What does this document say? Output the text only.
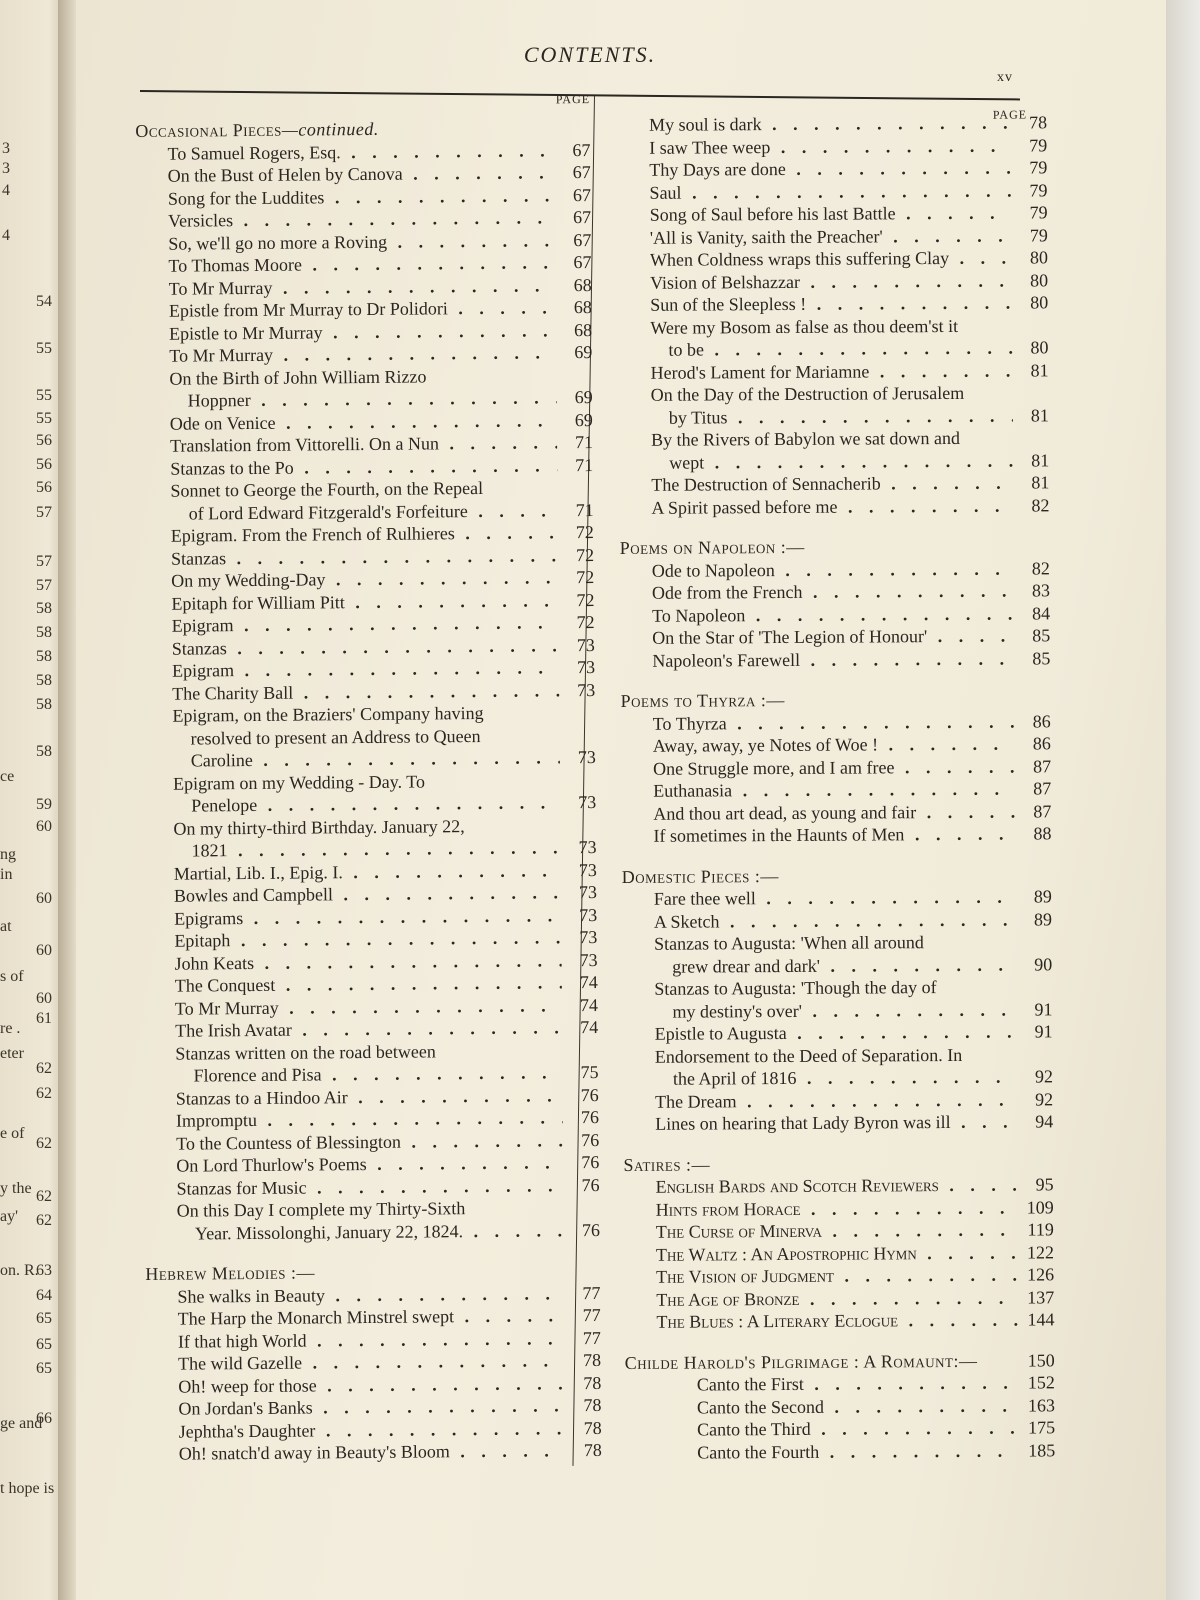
3
3
4
4
54
55
55
55
56
56
56
57
57
57
58
58
58
58
58
58
ce
59
60
ng
in
60
at
60
s of
60
re .
61
eter
62
62
e of
62
y the 62
ay' 62
on. R.
63
64
65
65
65
ge and
66
t hope is
CONTENTS.
xv
PAGE
Occasional Pieces—continued.
To Samuel Rogers, Esq. . .	67
On the Bust of Helen by Canova . .	67
Song for the Luddites . .	67
Versicles . .	67
So, we'll go no more a Roving . .	67
To Thomas Moore . .	67
To Mr Murray . .	68
Epistle from Mr Murray to Dr Polidori . .	68
Epistle to Mr Murray . .	68
To Mr Murray . .	69
On the Birth of John William Rizzo
Hoppner . .	69
Ode on Venice . .	69
Translation from Vittorelli. On a Nun . .	71
Stanzas to the Po . .	71
Sonnet to George the Fourth, on the Repeal
of Lord Edward Fitzgerald's Forfeiture . .	71
Epigram. From the French of Rulhieres . .	72
Stanzas . .	72
On my Wedding-Day . .	72
Epitaph for William Pitt . .	72
Epigram . .	72
Stanzas . .	73
Epigram . .	73
The Charity Ball . .	73
Epigram, on the Braziers' Company having
resolved to present an Address to Queen
Caroline . .	73
Epigram on my Wedding - Day. To
Penelope . .	73
On my thirty-third Birthday. January 22,
1821 . .	73
Martial, Lib. I., Epig. I. . .	73
Bowles and Campbell . .	73
Epigrams . .	73
Epitaph . .	73
John Keats . .	73
The Conquest . .	74
To Mr Murray . .	74
The Irish Avatar . .	74
Stanzas written on the road between
Florence and Pisa . .	75
Stanzas to a Hindoo Air . .	76
Impromptu . .	76
To the Countess of Blessington . .	76
On Lord Thurlow's Poems . .	76
Stanzas for Music . .	76
On this Day I complete my Thirty-Sixth
Year. Missolonghi, January 22, 1824. . .	76
Hebrew Melodies :—
She walks in Beauty . .	77
The Harp the Monarch Minstrel swept . .	77
If that high World . .	77
The wild Gazelle . .	78
Oh! weep for those . .	78
On Jordan's Banks . .	78
Jephtha's Daughter . .	78
Oh! snatch'd away in Beauty's Bloom . .	78
PAGE
My soul is dark . .	78
I saw Thee weep . .	79
Thy Days are done . .	79
Saul . .	79
Song of Saul before his last Battle . .	79
'All is Vanity, saith the Preacher' . .	79
When Coldness wraps this suffering Clay . .	80
Vision of Belshazzar . .	80
Sun of the Sleepless ! . .	80
Were my Bosom as false as thou deem'st it
to be . .	80
Herod's Lament for Mariamne . .	81
On the Day of the Destruction of Jerusalem
by Titus . .	81
By the Rivers of Babylon we sat down and
wept . .	81
The Destruction of Sennacherib . .	81
A Spirit passed before me . .	82
Poems on Napoleon :—
Ode to Napoleon . .	82
Ode from the French . .	83
To Napoleon . .	84
On the Star of 'The Legion of Honour' . .	85
Napoleon's Farewell . .	85
Poems to Thyrza :—
To Thyrza . .	86
Away, away, ye Notes of Woe ! . .	86
One Struggle more, and I am free . .	87
Euthanasia . .	87
And thou art dead, as young and fair . .	87
If sometimes in the Haunts of Men . .	88
Domestic Pieces :—
Fare thee well . .	89
A Sketch . .	89
Stanzas to Augusta: 'When all around
grew drear and dark' . .	90
Stanzas to Augusta: 'Though the day of
my destiny's over' . .	91
Epistle to Augusta . .	91
Endorsement to the Deed of Separation. In
the April of 1816 . .	92
The Dream . .	92
Lines on hearing that Lady Byron was ill . .	94
Satires :—
English Bards and Scotch Reviewers . .	95
Hints from Horace . .	109
The Curse of Minerva . .	119
The Waltz : An Apostrophic Hymn . .	122
The Vision of Judgment . .	126
The Age of Bronze . .	137
The Blues : A Literary Eclogue . .	144
Childe Harold's Pilgrimage : A Romaunt:—	150
Canto the First . .	152
Canto the Second . .	163
Canto the Third . .	175
Canto the Fourth . .	185
